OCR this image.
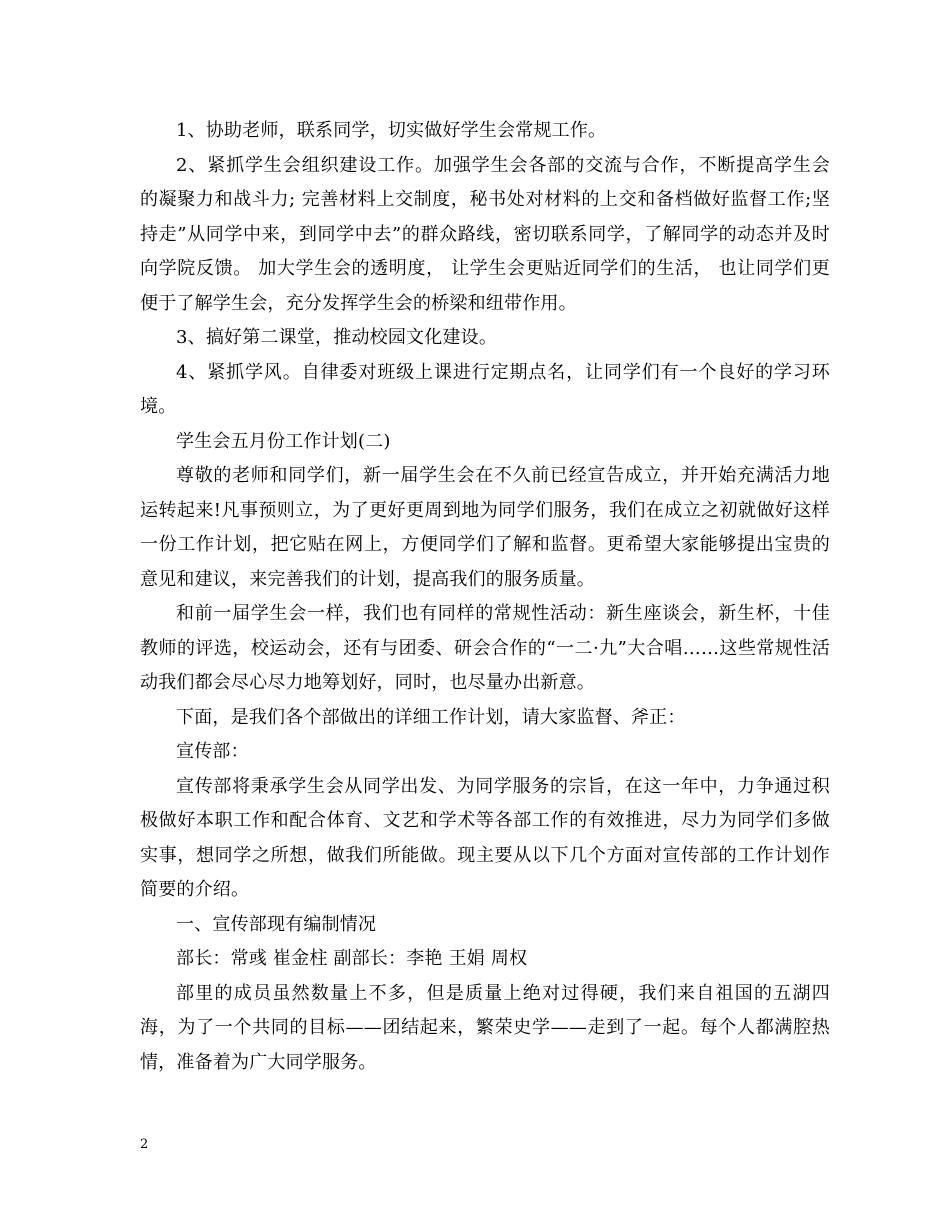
1、协助老师，联系同学，切实做好学生会常规工作。

2、紧抓学生会组织建设工作。加强学生会各部的交流与合作，不断提高学生会 的凝聚力和战斗力; 完善材料上交制度，秘书处对材料的上交和备档做好监督工作;坚持走”从同学中来，到同学中去”的群众路线，密切联系同学，了解同学的动态并及时向学院反馈。 加大学生会的透明度， 让学生会更贴近同学们的生活， 也让同学们更便于了解学生会，充分发挥学生会的桥梁和纽带作用。

3、搞好第二课堂，推动校园文化建设。

4、紧抓学风。自律委对班级上课进行定期点名，让同学们有一个良好的学习环境。

学生会五月份工作计划(二)

尊敬的老师和同学们，新一届学生会在不久前已经宣告成立，并开始充满活力地运转起来!凡事预则立，为了更好更周到地为同学们服务，我们在成立之初就做好这样一份工作计划，把它贴在网上，方便同学们了解和监督。更希望大家能够提出宝贵的意见和建议，来完善我们的计划，提高我们的服务质量。

和前一届学生会一样，我们也有同样的常规性活动：新生座谈会，新生杯，十佳教师的评选，校运动会，还有与团委、研会合作的“一二·九”大合唱……这些常规性活动我们都会尽心尽力地筹划好，同时，也尽量办出新意。

下面，是我们各个部做出的详细工作计划，请大家监督、斧正：

宣传部：

宣传部将秉承学生会从同学出发、为同学服务的宗旨，在这一年中，力争通过积极做好本职工作和配合体育、文艺和学术等各部工作的有效推进，尽力为同学们多做实事，想同学之所想，做我们所能做。现主要从以下几个方面对宣传部的工作计划作简要的介绍。

一、宣传部现有编制情况

部长：常彧 崔金柱 副部长：李艳 王娟 周权

部里的成员虽然数量上不多，但是质量上绝对过得硬，我们来自祖国的五湖四海，为了一个共同的目标——团结起来，繁荣史学——走到了一起。每个人都满腔热情，准备着为广大同学服务。

2
